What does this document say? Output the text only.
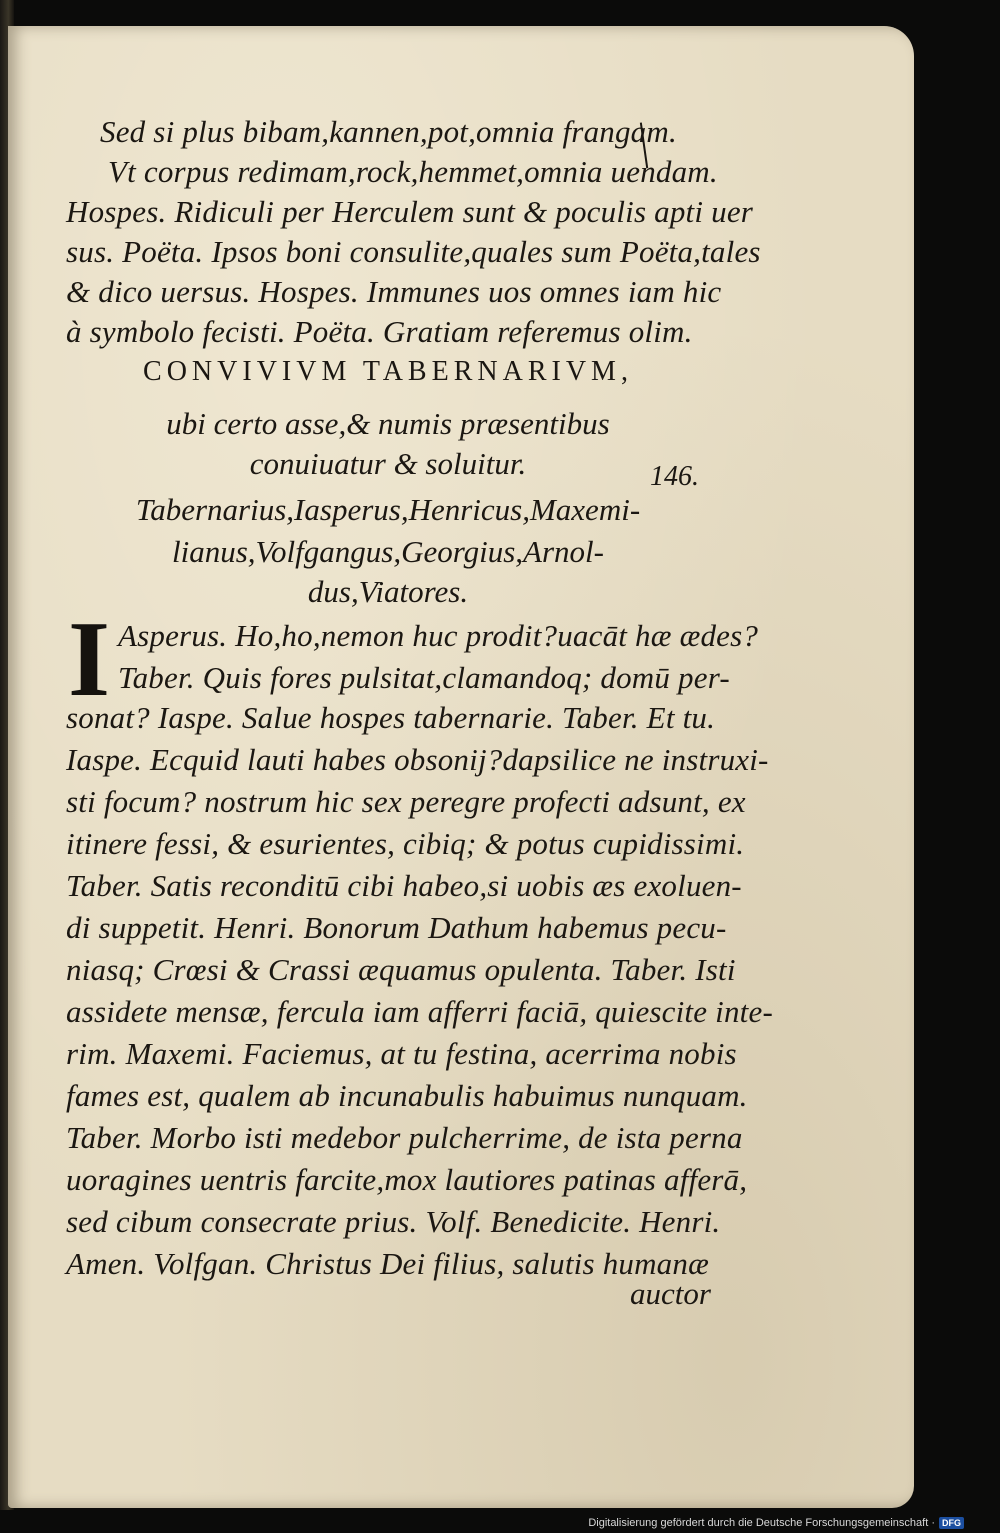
Sed si plus bibam,kannen,pot,omnia frangam.
Vt corpus redimam,rock,hemmet,omnia uendam.
Hospes. Ridiculi per Herculem sunt & poculis apti uer
sus. Poëta. Ipsos boni consulite,quales sum Poëta,tales
& dico uersus. Hospes. Immunes uos omnes iam hic
à symbolo fecisti. Poëta. Gratiam referemus olim.
CONVIVIVM TABERNARIVM,
ubi certo asse,& numis præsentibus
conuiuatur & soluitur.	146.
Tabernarius,Iasperus,Henricus,Maxemi-
lianus,Volfgangus,Georgius,Arnol-
dus,Viatores.
I Asperus. Ho,ho,nemon huc prodit?uacāt hæ ædes?
Taber. Quis fores pulsitat,clamandoq; domū per-
sonat? Iaspe. Salue hospes tabernarie. Taber. Et tu.
Iaspe. Ecquid lauti habes obsonij?dapsilice ne instruxi-
sti focum? nostrum hic sex peregre profecti adsunt, ex
itinere fessi, & esurientes, cibiq; & potus cupidissimi.
Taber. Satis reconditū cibi habeo,si uobis æs exoluen-
di suppetit. Henri. Bonorum Dathum habemus pecu-
niasq; Crœsi & Crassi æquamus opulenta. Taber. Isti
assidete mensæ, fercula iam afferri faciā, quiescite inte-
rim. Maxemi. Faciemus, at tu festina, acerrima nobis
fames est, qualem ab incunabulis habuimus nunquam.
Taber. Morbo isti medebor pulcherrime, de ista perna
uoragines uentris farcite,mox lautiores patinas afferā,
sed cibum consecrate prius. Volf. Benedicite. Henri.
Amen. Volfgan. Christus Dei filius, salutis humanæ
auctor
Digitalisierung gefördert durch die Deutsche Forschungsgemeinschaft · DFG
